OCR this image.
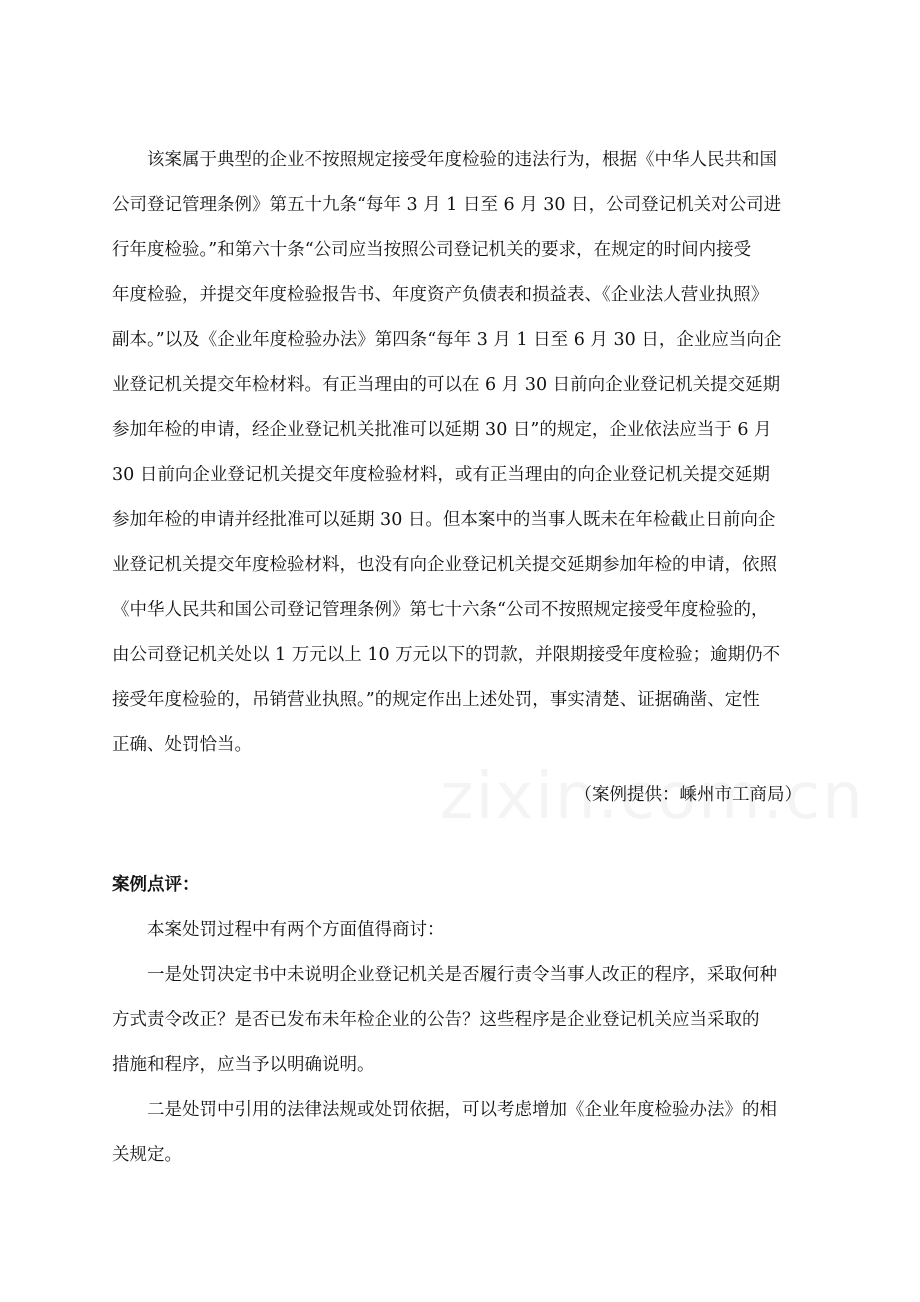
该案属于典型的企业不按照规定接受年度检验的违法行为，根据《中华人民共和国

公司登记管理条例》第五十九条“每年 3 月 1 日至 6 月 30 日，公司登记机关对公司进

行年度检验。”和第六十条“公司应当按照公司登记机关的要求，在规定的时间内接受

年度检验，并提交年度检验报告书、年度资产负债表和损益表、《企业法人营业执照》

副本。”以及《企业年度检验办法》第四条“每年 3 月 1 日至 6 月 30 日，企业应当向企

业登记机关提交年检材料。有正当理由的可以在 6 月 30 日前向企业登记机关提交延期

参加年检的申请，经企业登记机关批准可以延期 30 日”的规定，企业依法应当于 6 月

30 日前向企业登记机关提交年度检验材料，或有正当理由的向企业登记机关提交延期

参加年检的申请并经批准可以延期 30 日。但本案中的当事人既未在年检截止日前向企

业登记机关提交年度检验材料，也没有向企业登记机关提交延期参加年检的申请，依照

《中华人民共和国公司登记管理条例》第七十六条“公司不按照规定接受年度检验的，

由公司登记机关处以 1 万元以上 10 万元以下的罚款，并限期接受年度检验；逾期仍不

接受年度检验的，吊销营业执照。”的规定作出上述处罚，事实清楚、证据确凿、定性

正确、处罚恰当。

（案例提供：嵊州市工商局）

案例点评：

本案处罚过程中有两个方面值得商讨：

一是处罚决定书中未说明企业登记机关是否履行责令当事人改正的程序，采取何种

方式责令改正？是否已发布未年检企业的公告？这些程序是企业登记机关应当采取的

措施和程序，应当予以明确说明。

二是处罚中引用的法律法规或处罚依据，可以考虑增加《企业年度检验办法》的相

关规定。
